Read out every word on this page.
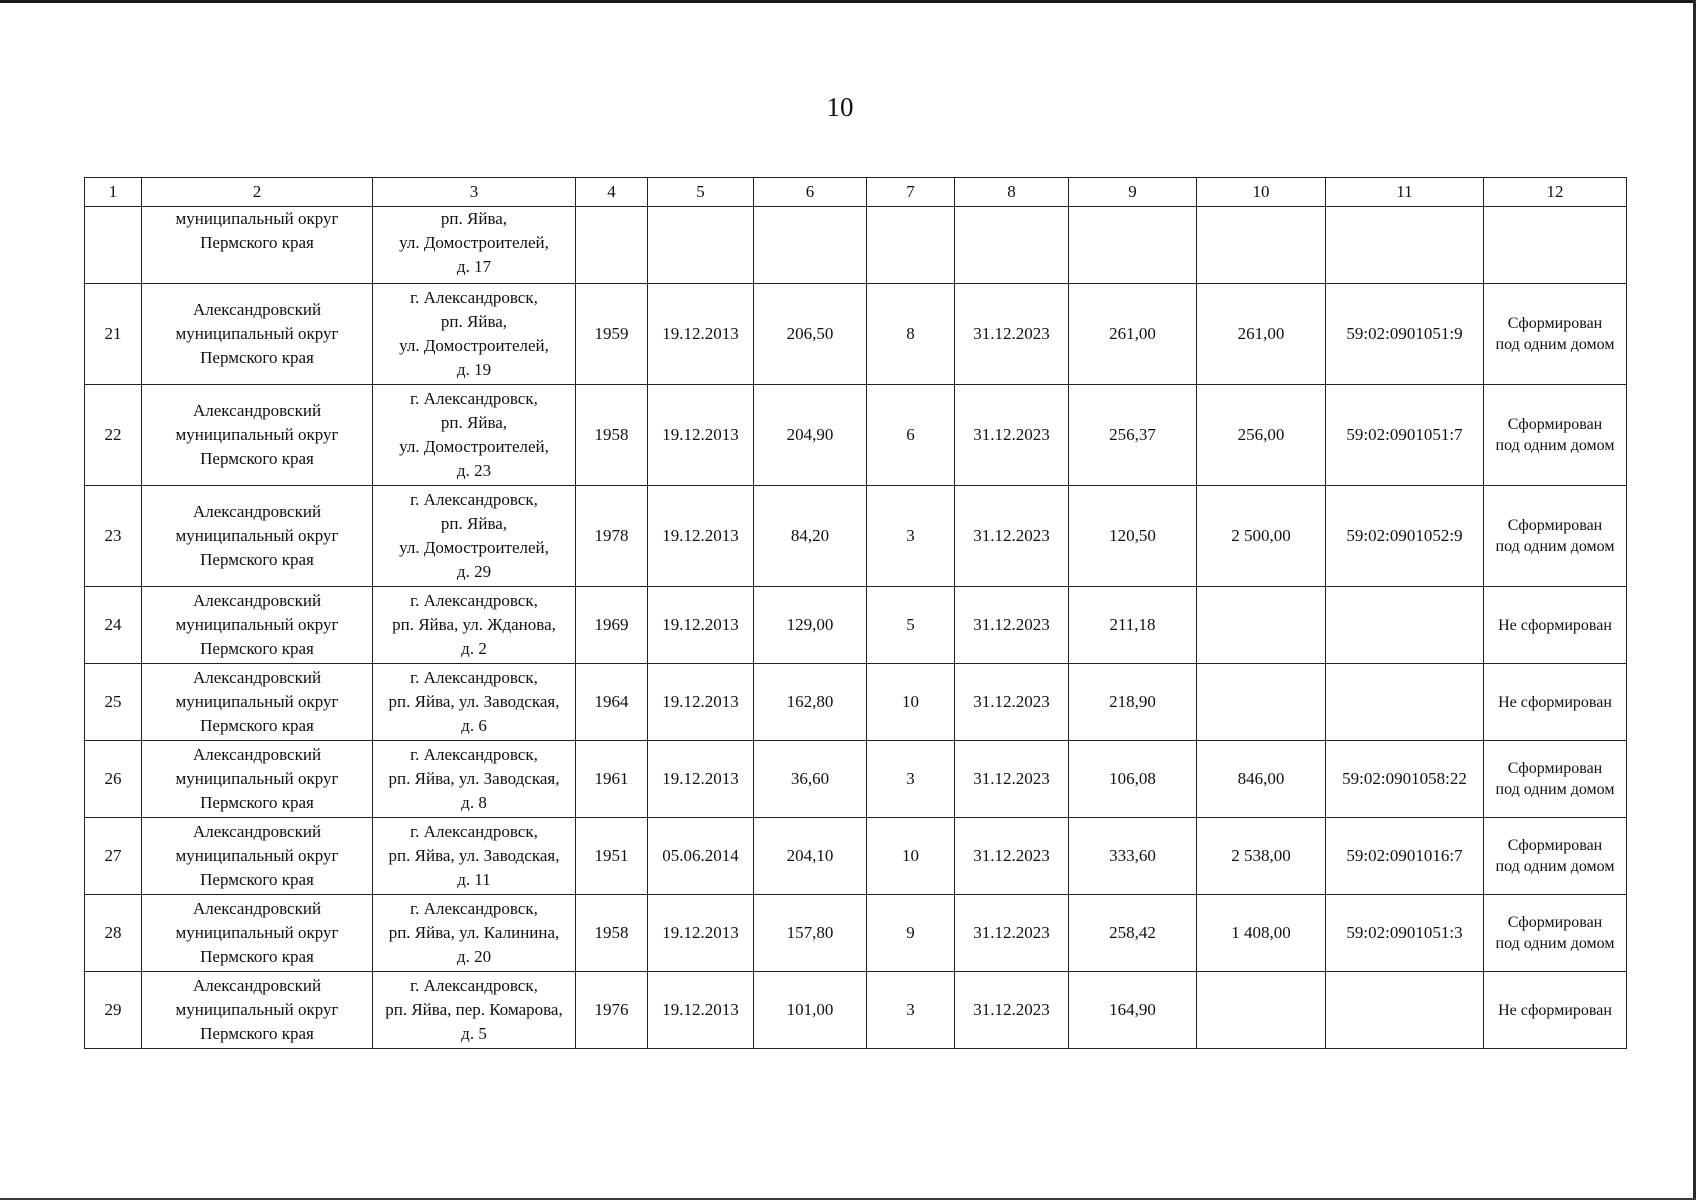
10
1	2	3	4	5	6	7	8	9	10	11	12

	муниципальный округ
Пермского края	рп. Яйва,
ул. Домостроителей,
д. 17									

21	Александровский
муниципальный округ
Пермского края	г. Александровск,
рп. Яйва,
ул. Домостроителей,
д. 19	1959	19.12.2013	206,50	8	31.12.2023	261,00	261,00	59:02:0901051:9	Сформирован
под одним домом

22	Александровский
муниципальный округ
Пермского края	г. Александровск,
рп. Яйва,
ул. Домостроителей,
д. 23	1958	19.12.2013	204,90	6	31.12.2023	256,37	256,00	59:02:0901051:7	Сформирован
под одним домом

23	Александровский
муниципальный округ
Пермского края	г. Александровск,
рп. Яйва,
ул. Домостроителей,
д. 29	1978	19.12.2013	84,20	3	31.12.2023	120,50	2 500,00	59:02:0901052:9	Сформирован
под одним домом

24	Александровский
муниципальный округ
Пермского края	г. Александровск,
рп. Яйва, ул. Жданова,
д. 2	1969	19.12.2013	129,00	5	31.12.2023	211,18			Не сформирован

25	Александровский
муниципальный округ
Пермского края	г. Александровск,
рп. Яйва, ул. Заводская,
д. 6	1964	19.12.2013	162,80	10	31.12.2023	218,90			Не сформирован

26	Александровский
муниципальный округ
Пермского края	г. Александровск,
рп. Яйва, ул. Заводская,
д. 8	1961	19.12.2013	36,60	3	31.12.2023	106,08	846,00	59:02:0901058:22	Сформирован
под одним домом

27	Александровский
муниципальный округ
Пермского края	г. Александровск,
рп. Яйва, ул. Заводская,
д. 11	1951	05.06.2014	204,10	10	31.12.2023	333,60	2 538,00	59:02:0901016:7	Сформирован
под одним домом

28	Александровский
муниципальный округ
Пермского края	г. Александровск,
рп. Яйва, ул. Калинина,
д. 20	1958	19.12.2013	157,80	9	31.12.2023	258,42	1 408,00	59:02:0901051:3	Сформирован
под одним домом

29	Александровский
муниципальный округ
Пермского края	г. Александровск,
рп. Яйва, пер. Комарова,
д. 5	1976	19.12.2013	101,00	3	31.12.2023	164,90			Не сформирован
